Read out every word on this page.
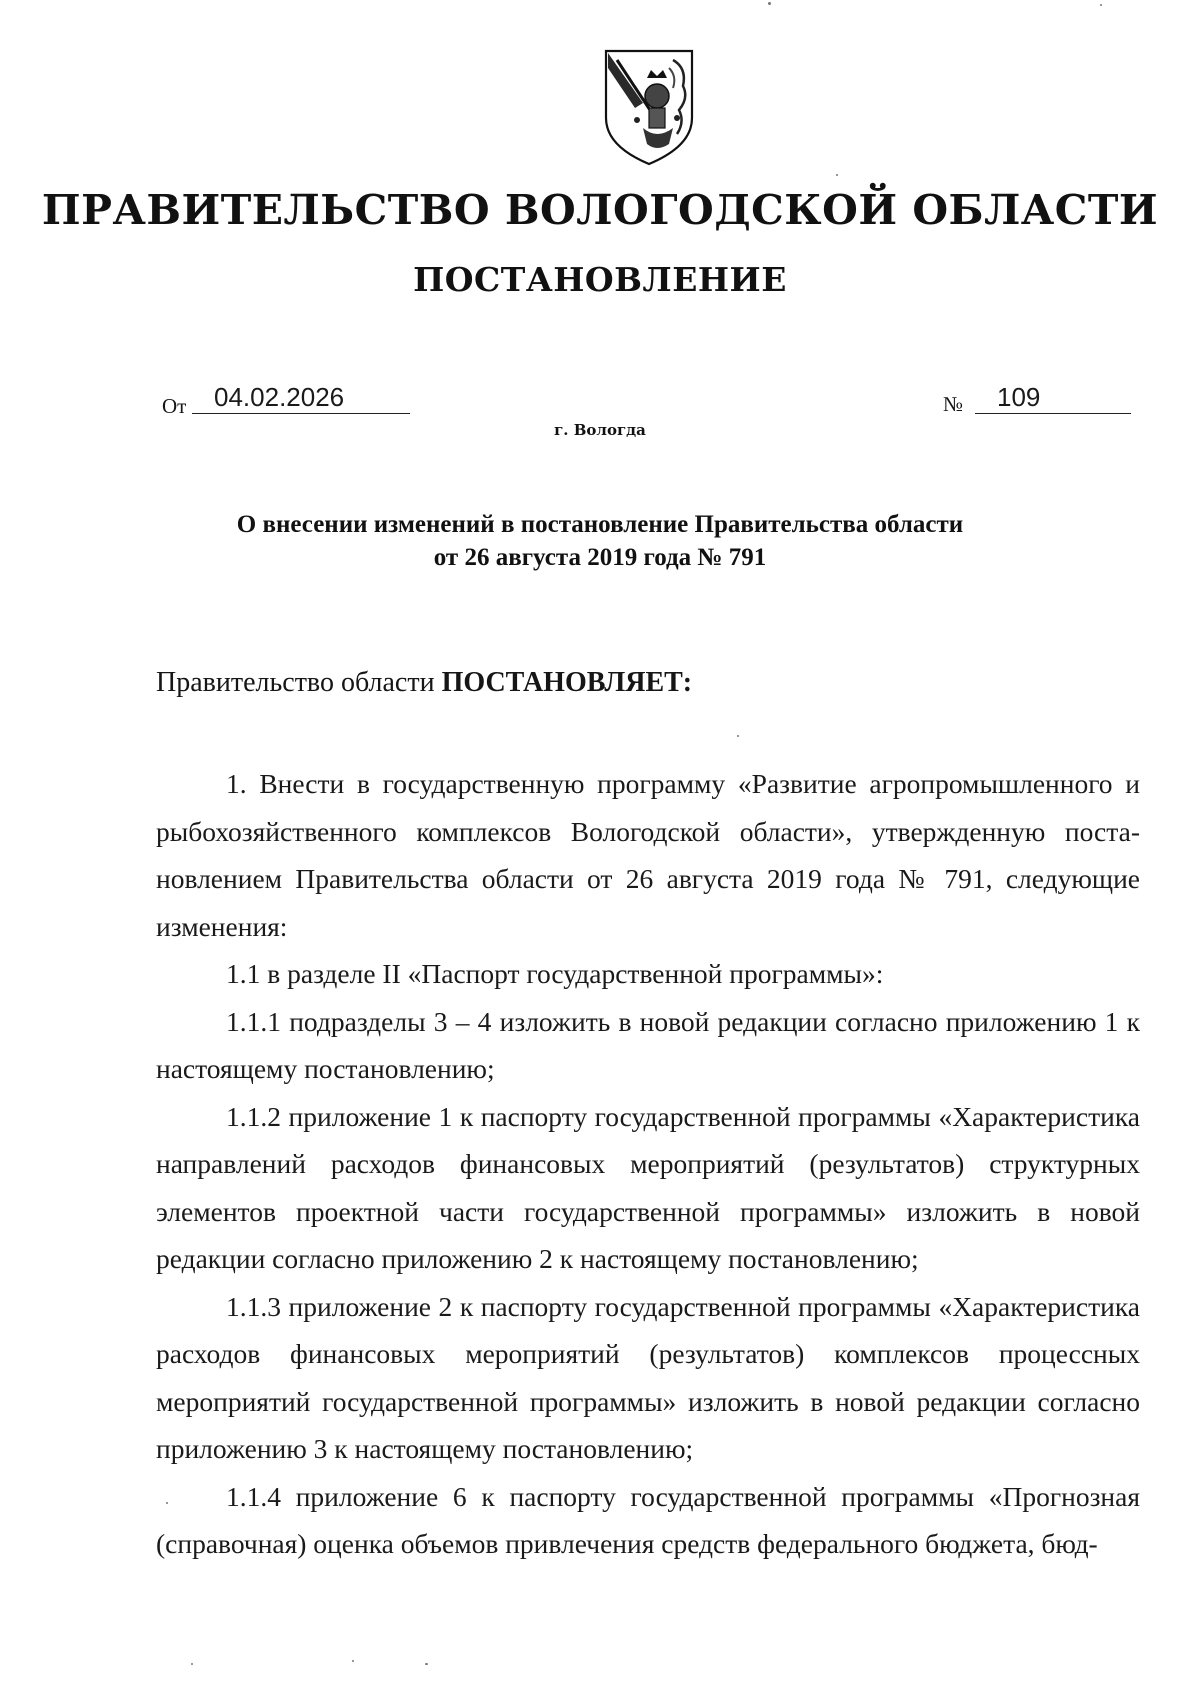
ПРАВИТЕЛЬСТВО ВОЛОГОДСКОЙ ОБЛАСТИ
ПОСТАНОВЛЕНИЕ
От 04.02.2026	№ 109
г. Вологда
О внесении изменений в постановление Правительства области
от 26 августа 2019 года № 791
Правительство области ПОСТАНОВЛЯЕТ:

1. Внести в государственную программу «Развитие агропромышленного и рыбохозяйственного комплексов Вологодской области», утвержденную постановлением Правительства области от 26 августа 2019 года № 791, следующие изменения:

1.1 в разделе II «Паспорт государственной программы»:

1.1.1 подразделы 3 – 4 изложить в новой редакции согласно приложению 1 к настоящему постановлению;

1.1.2 приложение 1 к паспорту государственной программы «Характеристика направлений расходов финансовых мероприятий (результатов) структурных элементов проектной части государственной программы» изложить в новой редакции согласно приложению 2 к настоящему постановлению;

1.1.3 приложение 2 к паспорту государственной программы «Характеристика расходов финансовых мероприятий (результатов) комплексов процессных мероприятий государственной программы» изложить в новой редакции согласно приложению 3 к настоящему постановлению;

1.1.4 приложение 6 к паспорту государственной программы «Прогнозная (справочная) оценка объемов привлечения средств федерального бюджета, бюд-
